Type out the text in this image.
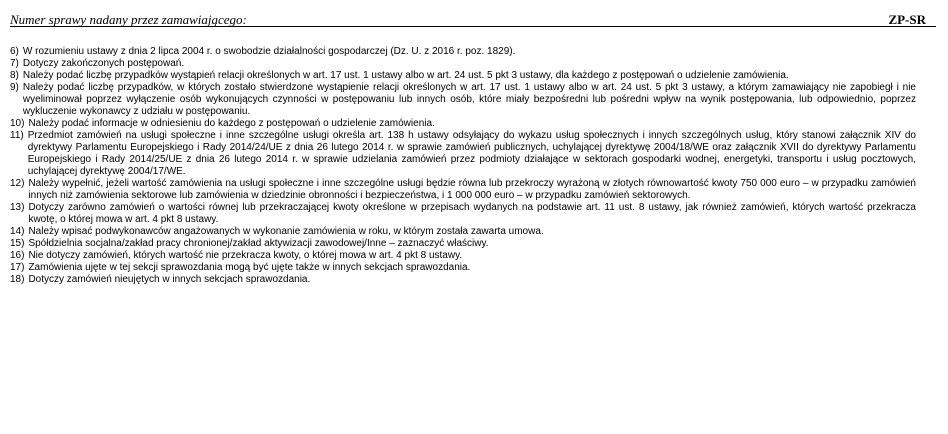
Numer sprawy nadany przez zamawiającego:	ZP-SR
6) W rozumieniu ustawy z dnia 2 lipca 2004 r. o swobodzie działalności gospodarczej (Dz. U. z 2016 r. poz. 1829).
7) Dotyczy zakończonych postępowań.
8) Należy podać liczbę przypadków wystąpień relacji określonych w art. 17 ust. 1 ustawy albo w art. 24 ust. 5 pkt 3 ustawy, dla każdego z postępowań o udzielenie zamówienia.
9) Należy podać liczbę przypadków, w których zostało stwierdzone wystąpienie relacji określonych w art. 17 ust. 1 ustawy albo w art. 24 ust. 5 pkt 3 ustawy, a którym zamawiający nie zapobiegł i nie wyeliminował poprzez wyłączenie osób wykonujących czynności w postępowaniu lub innych osób, które miały bezpośredni lub pośredni wpływ na wynik postępowania, lub odpowiednio, poprzez wykluczenie wykonawcy z udziału w postępowaniu.
10) Należy podać informacje w odniesieniu do każdego z postępowań o udzielenie zamówienia.
11) Przedmiot zamówień na usługi społeczne i inne szczególne usługi określa art. 138 h ustawy odsyłający do wykazu usług społecznych i innych szczególnych usług, który stanowi załącznik XIV do dyrektywy Parlamentu Europejskiego i Rady 2014/24/UE z dnia 26 lutego 2014 r. w sprawie zamówień publicznych, uchylającej dyrektywę 2004/18/WE oraz załącznik XVII do dyrektywy Parlamentu Europejskiego i Rady 2014/25/UE z dnia 26 lutego 2014 r. w sprawie udzielania zamówień przez podmioty działające w sektorach gospodarki wodnej, energetyki, transportu i usług pocztowych, uchylającej dyrektywę 2004/17/WE.
12) Należy wypełnić, jeżeli wartość zamówienia na usługi społeczne i inne szczególne usługi będzie równa lub przekroczy wyrażoną w złotych równowartość kwoty 750 000 euro – w przypadku zamówień innych niż zamówienia sektorowe lub zamówienia w dziedzinie obronności i bezpieczeństwa, i 1 000 000 euro – w przypadku zamówień sektorowych.
13) Dotyczy zarówno zamówień o wartości równej lub przekraczającej kwoty określone w przepisach wydanych na podstawie art. 11 ust. 8 ustawy, jak również zamówień, których wartość przekracza kwotę, o której mowa w art. 4 pkt 8 ustawy.
14) Należy wpisać podwykonawców angażowanych w wykonanie zamówienia w roku, w którym została zawarta umowa.
15) Spółdzielnia socjalna/zakład pracy chronionej/zakład aktywizacji zawodowej/Inne – zaznaczyć właściwy.
16) Nie dotyczy zamówień, których wartość nie przekracza kwoty, o której mowa w art. 4 pkt 8 ustawy.
17) Zamówienia ujęte w tej sekcji sprawozdania mogą być ujęte także w innych sekcjach sprawozdania.
18) Dotyczy zamówień nieujętych w innych sekcjach sprawozdania.
